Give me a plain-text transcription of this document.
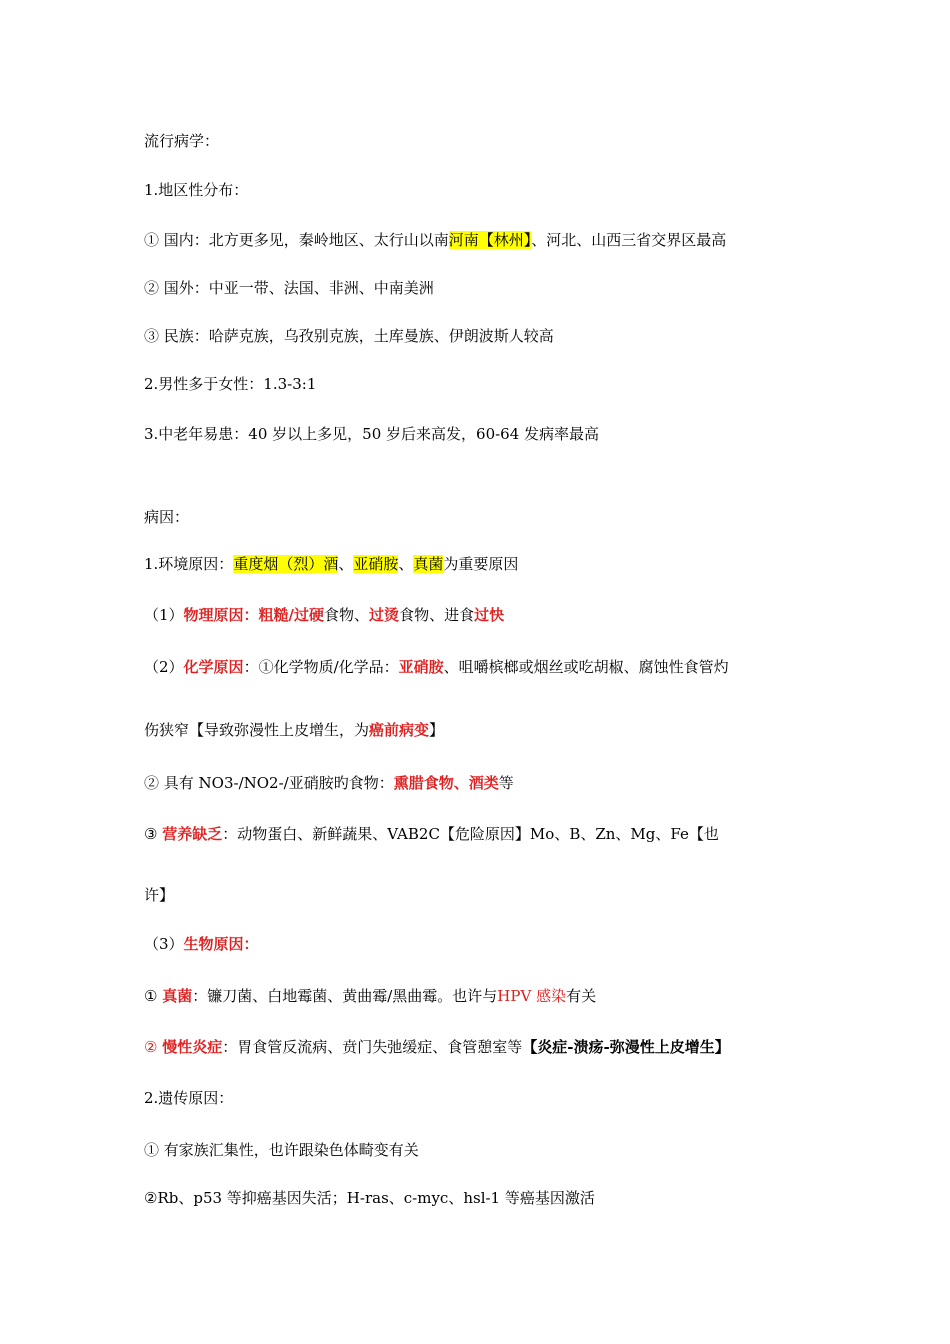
流行病学：
1.地区性分布：
① 国内：北方更多见，秦岭地区、太行山以南河南【林州】、河北、山西三省交界区最高
② 国外：中亚一带、法国、非洲、中南美洲
③ 民族：哈萨克族，乌孜别克族，土库曼族、伊朗波斯人较高
2.男性多于女性：1.3-3:1
3.中老年易患：40 岁以上多见，50 岁后来高发，60-64 发病率最高
病因：
1.环境原因：重度烟（烈）酒、亚硝胺、真菌为重要原因
（1）物理原因：粗糙/过硬食物、过烫食物、进食过快
（2）化学原因：①化学物质/化学品：亚硝胺、咀嚼槟榔或烟丝或吃胡椒、腐蚀性食管灼
伤狭窄【导致弥漫性上皮增生，为癌前病变】
② 具有 NO3-/NO2-/亚硝胺旳食物：熏腊食物、酒类等
③ 营养缺乏：动物蛋白、新鲜蔬果、VAB2C【危险原因】Mo、B、Zn、Mg、Fe【也
许】
（3）生物原因：
① 真菌：镰刀菌、白地霉菌、黄曲霉/黑曲霉。也许与HPV 感染有关
② 慢性炎症：胃食管反流病、贲门失弛缓症、食管憩室等【炎症-溃疡-弥漫性上皮增生】
2.遗传原因：
① 有家族汇集性，也许跟染色体畸变有关
②Rb、p53 等抑癌基因失活；H-ras、c-myc、hsl-1 等癌基因激活
